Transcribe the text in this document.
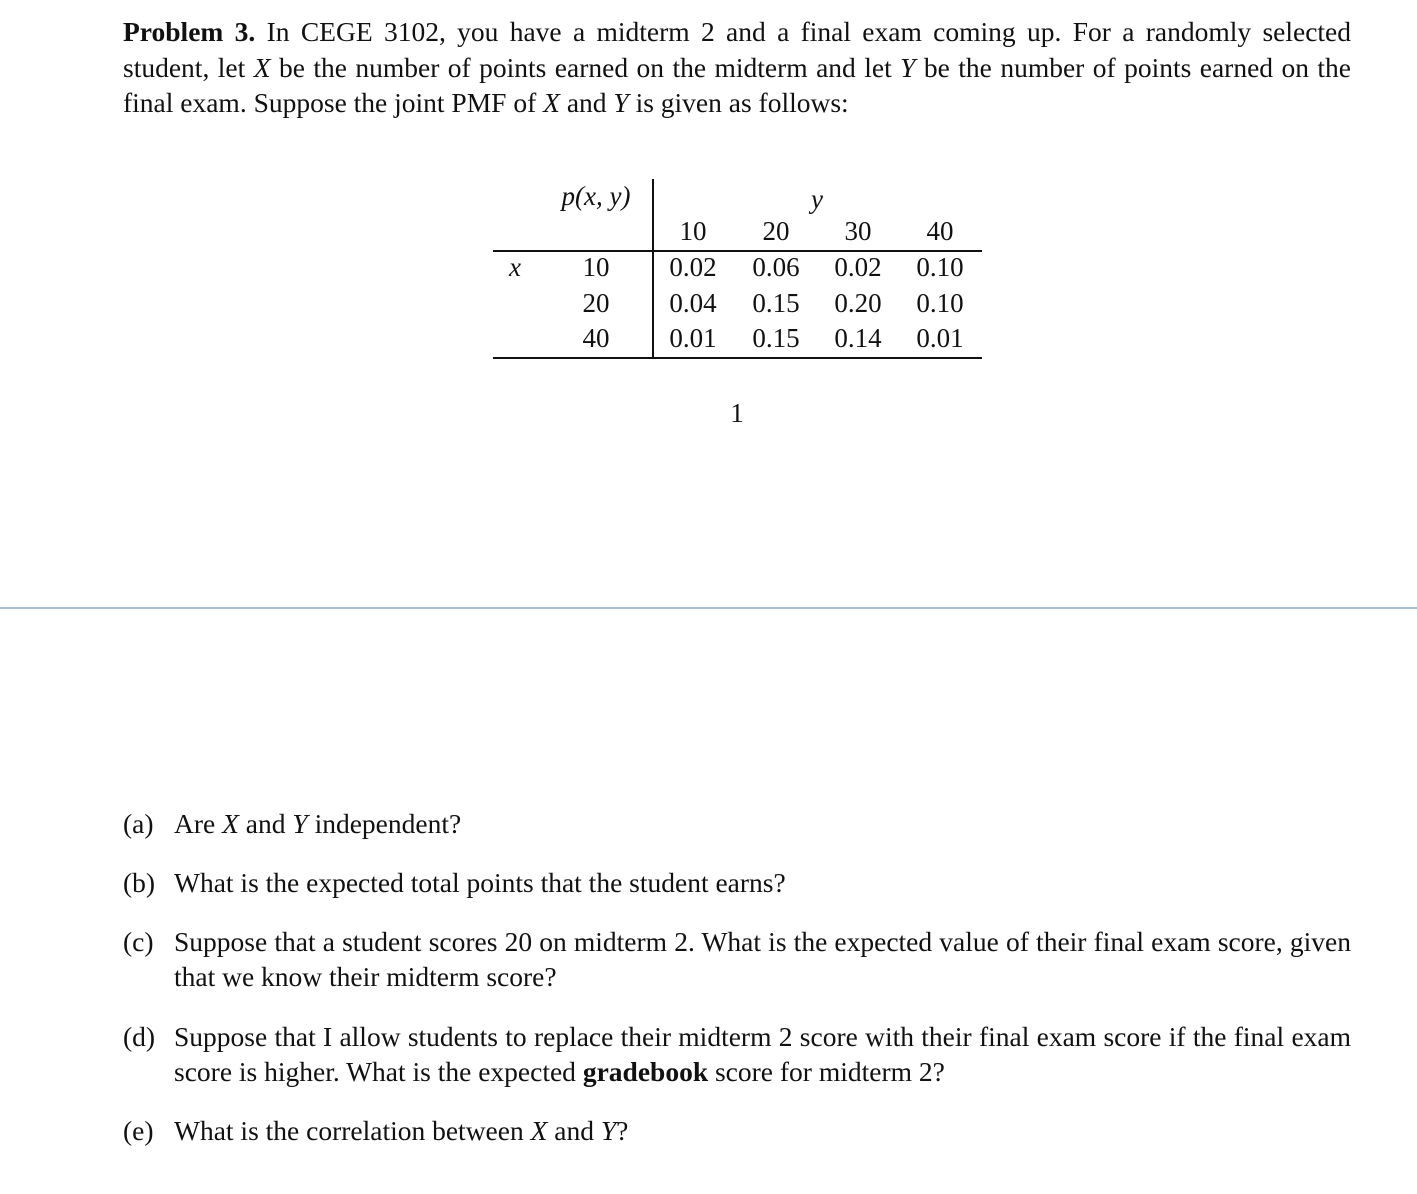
Problem 3. In CEGE 3102, you have a midterm 2 and a final exam coming up. For a randomly selected student, let X be the number of points earned on the midterm and let Y be the number of points earned on the final exam. Suppose the joint PMF of X and Y is given as follows:
p(x, y)	y
10 20 30 40
x 10 0.02 0.06 0.02 0.10
20 0.04 0.15 0.20 0.10
40 0.01 0.15 0.14 0.01
1
(a) Are X and Y independent?
(b) What is the expected total points that the student earns?
(c) Suppose that a student scores 20 on midterm 2. What is the expected value of their final exam score, given that we know their midterm score?
(d) Suppose that I allow students to replace their midterm 2 score with their final exam score if the final exam score is higher. What is the expected gradebook score for midterm 2?
(e) What is the correlation between X and Y?
